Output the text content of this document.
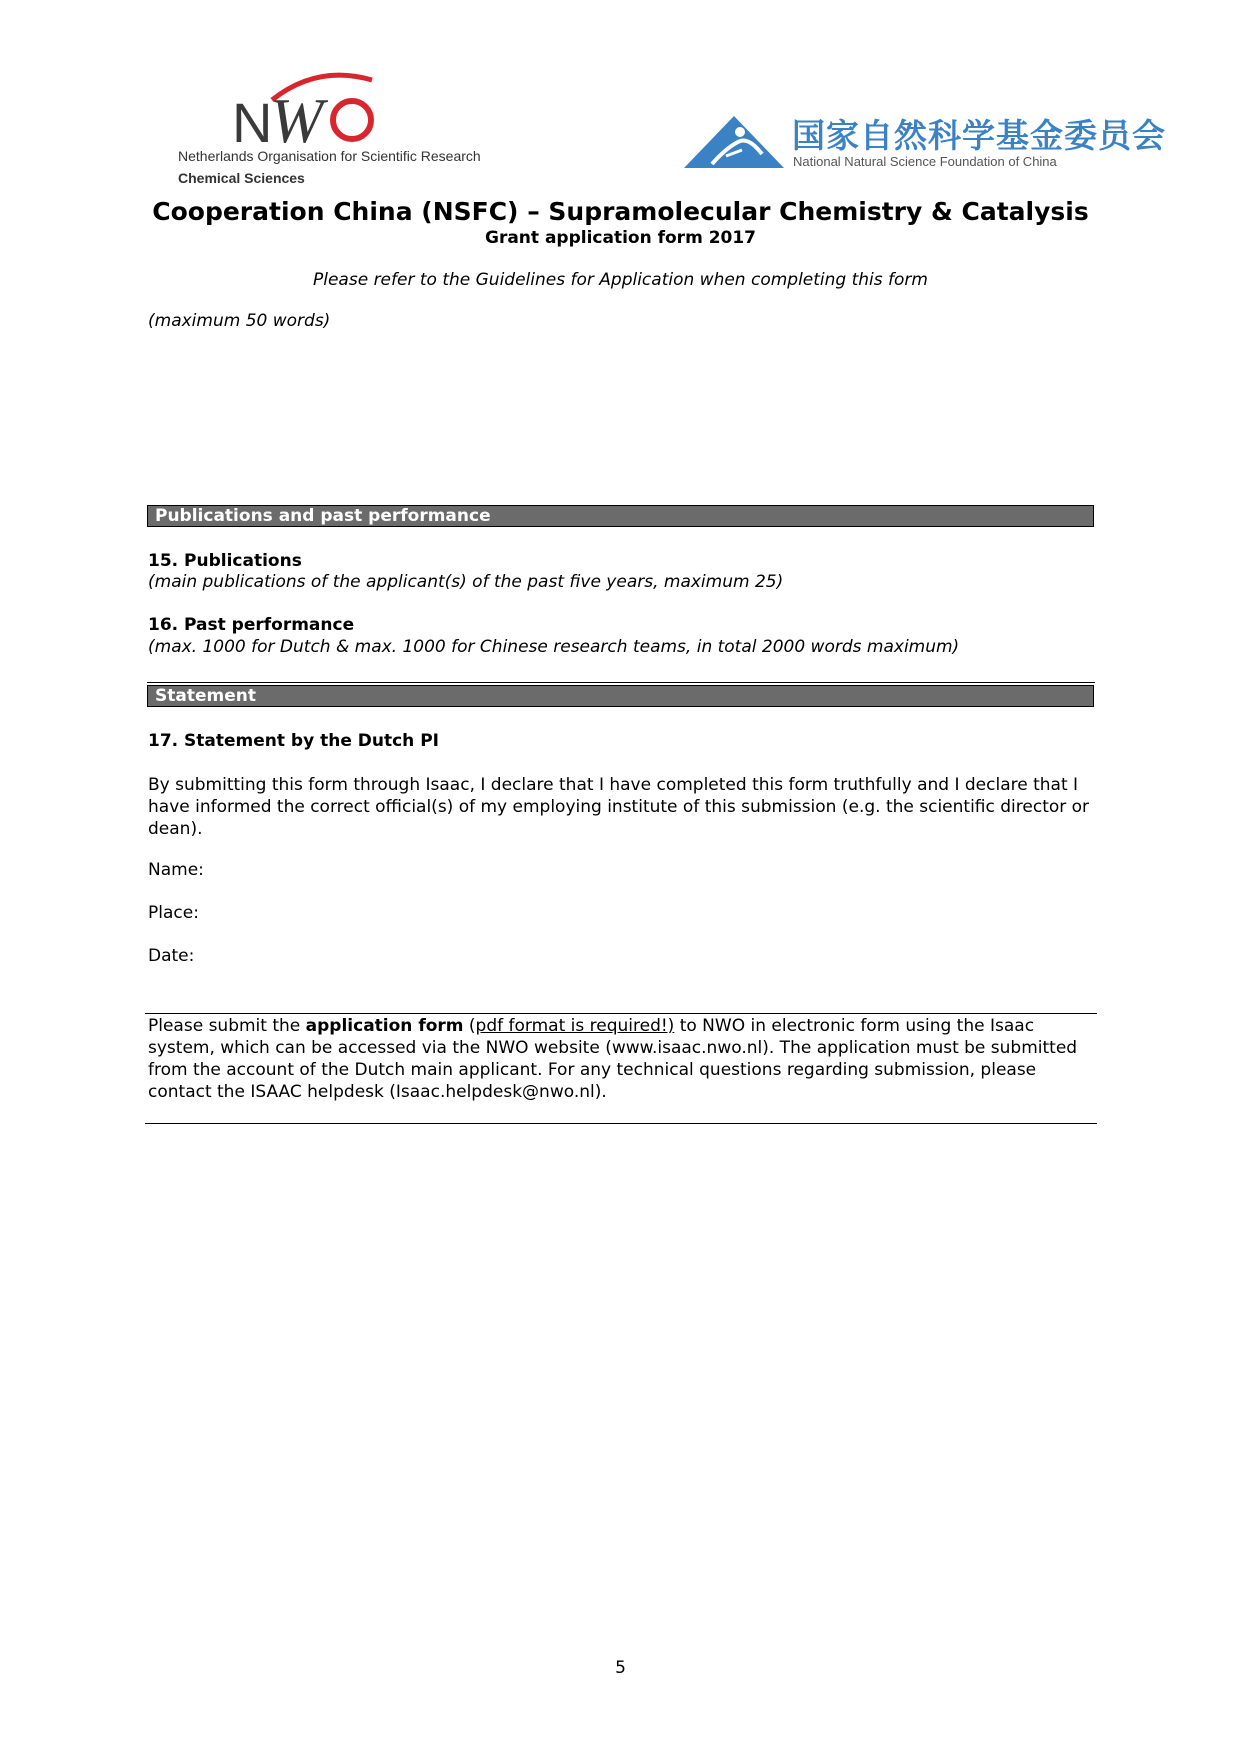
N
W
Netherlands Organisation for Scientific Research
Chemical Sciences
国家自然科学基金委员会
National Natural Science Foundation of China
Cooperation China (NSFC) – Supramolecular Chemistry & Catalysis
Grant application form 2017
Please refer to the Guidelines for Application when completing this form
(maximum 50 words)
Publications and past performance
15. Publications
(main publications of the applicant(s) of the past five years, maximum 25)
16. Past performance
(max. 1000 for Dutch & max. 1000 for Chinese research teams, in total 2000 words maximum)
Statement
17. Statement by the Dutch PI
By submitting this form through Isaac, I declare that I have completed this form truthfully and I declare that I have informed the correct official(s) of my employing institute of this submission (e.g. the scientific director or dean).
Name:
Place:
Date:
Please submit the application form (pdf format is required!) to NWO in electronic form using the Isaac system, which can be accessed via the NWO website (www.isaac.nwo.nl). The application must be submitted from the account of the Dutch main applicant. For any technical questions regarding submission, please contact the ISAAC helpdesk (Isaac.helpdesk@nwo.nl).
5
